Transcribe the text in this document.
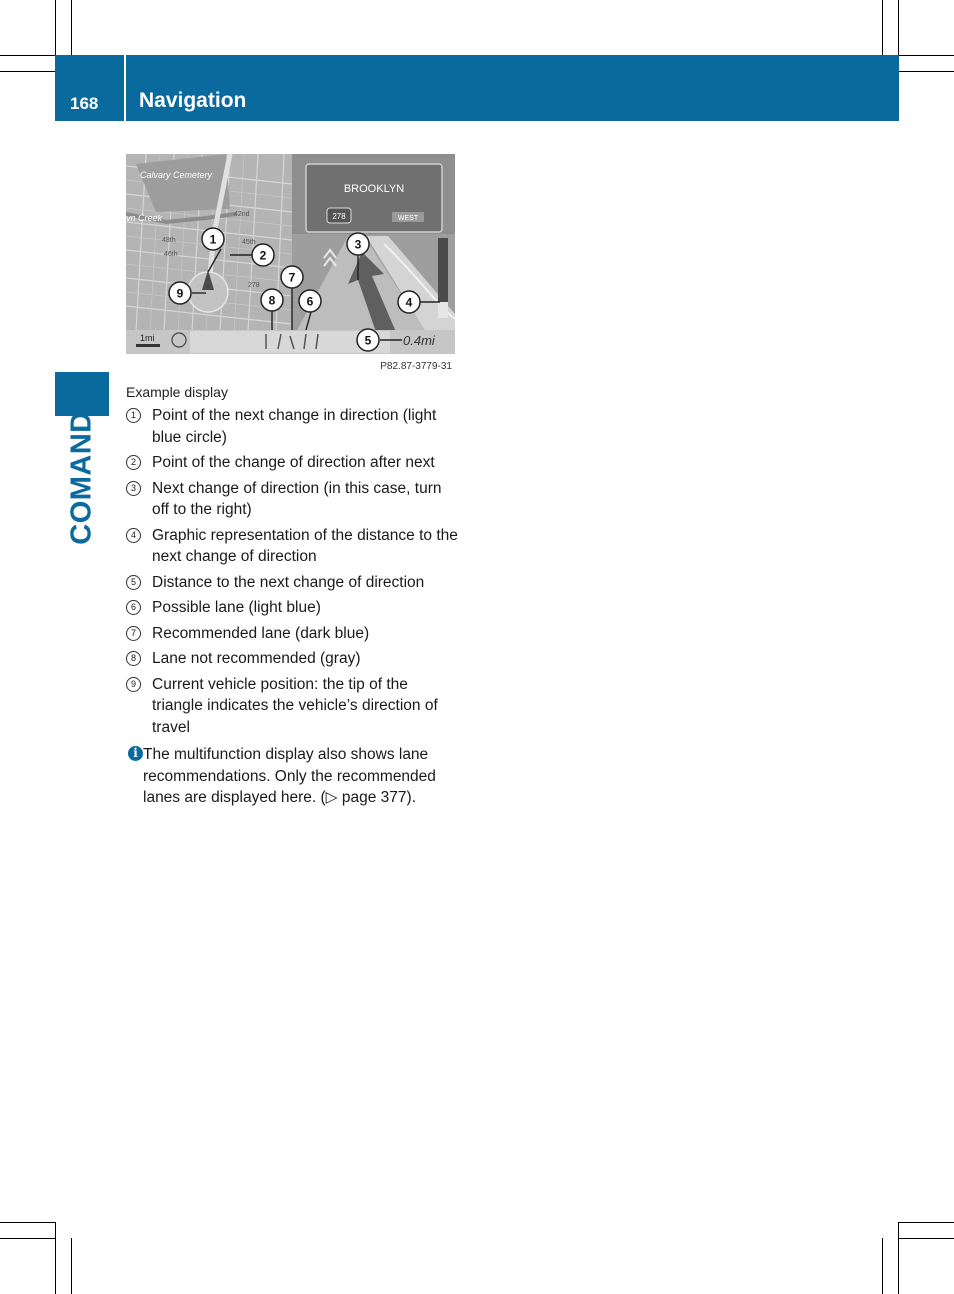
168 Navigation
COMAND
Calvary Cemetery
vn Creek	42nd
46th
48th	45th
278
BROOKLYN
278	WEST
1mi	0.4mi
1
2
3
4
5
6
7
8
9
P82.87-3779-31
Example display
1	Point of the next change in direction (light blue circle)
2	Point of the change of direction after next
3	Next change of direction (in this case, turn off to the right)
4	Graphic representation of the distance to the next change of direction
5	Distance to the next change of direction
6	Possible lane (light blue)
7	Recommended lane (dark blue)
8	Lane not recommended (gray)
9	Current vehicle position: the tip of the triangle indicates the vehicle’s direction of travel
i The multifunction display also shows lane recommendations. Only the recommended lanes are displayed here. (▷ page 377).
